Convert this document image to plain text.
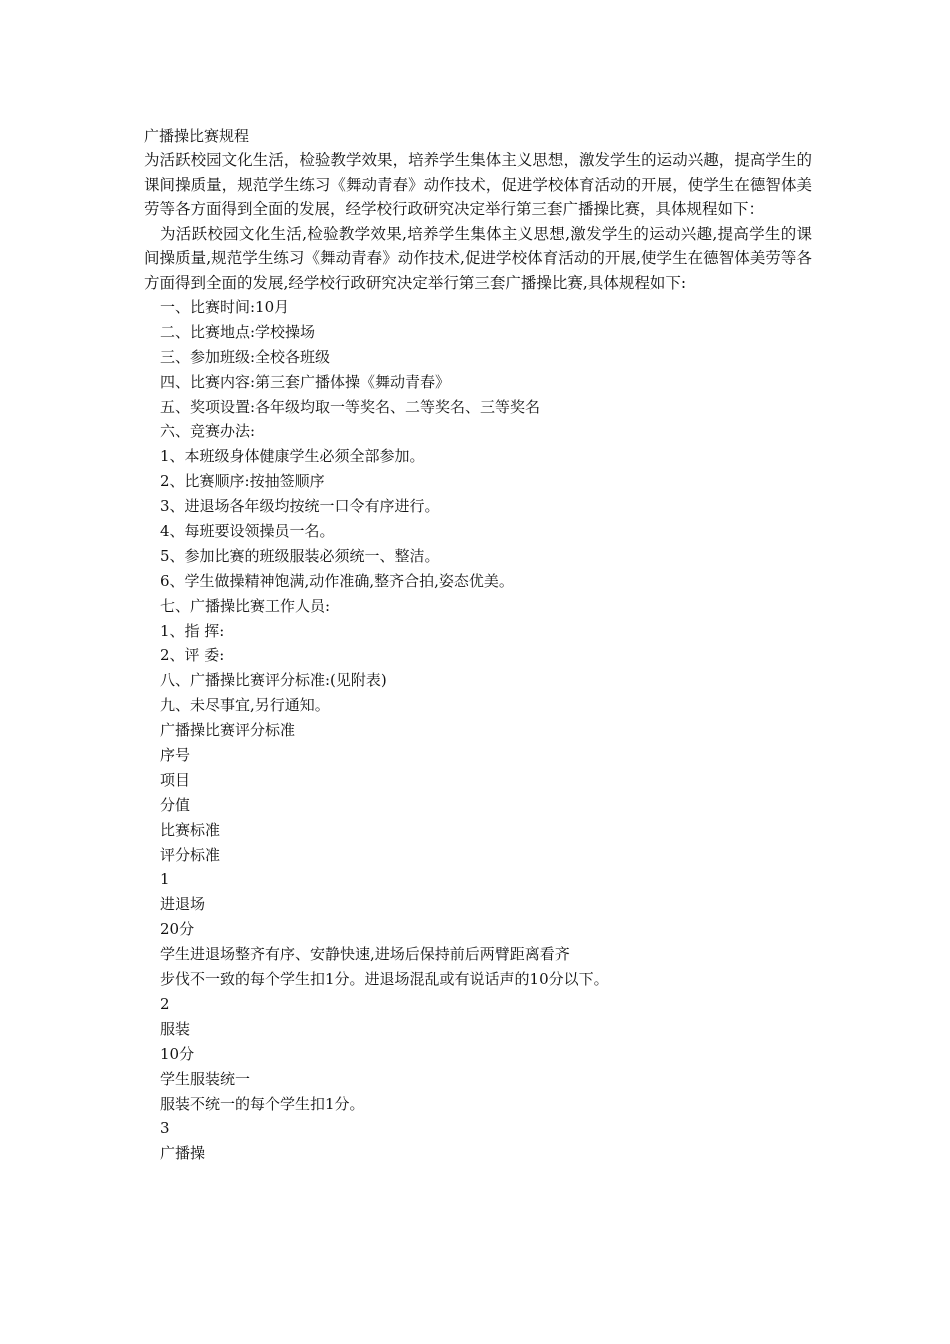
广播操比赛规程

为活跃校园文化生活，检验教学效果，培养学生集体主义思想，激发学生的运动兴趣，提高学生的课间操质量，规范学生练习《舞动青春》动作技术，促进学校体育活动的开展，使学生在德智体美劳等各方面得到全面的发展，经学校行政研究决定举行第三套广播操比赛，具体规程如下：

为活跃校园文化生活,检验教学效果,培养学生集体主义思想,激发学生的运动兴趣,提高学生的课间操质量,规范学生练习《舞动青春》动作技术,促进学校体育活动的开展,使学生在德智体美劳等各方面得到全面的发展,经学校行政研究决定举行第三套广播操比赛,具体规程如下:

一、比赛时间:10月
二、比赛地点:学校操场
三、参加班级:全校各班级
四、比赛内容:第三套广播体操《舞动青春》
五、奖项设置:各年级均取一等奖名、二等奖名、三等奖名
六、竞赛办法:
1、本班级身体健康学生必须全部参加。
2、比赛顺序:按抽签顺序
3、进退场各年级均按统一口令有序进行。
4、每班要设领操员一名。
5、参加比赛的班级服装必须统一、整洁。
6、学生做操精神饱满,动作准确,整齐合拍,姿态优美。
七、广播操比赛工作人员:
1、指 挥:
2、评 委:
八、广播操比赛评分标准:(见附表)
九、未尽事宜,另行通知。
广播操比赛评分标准
序号
项目
分值
比赛标准
评分标准
1
进退场
20分
学生进退场整齐有序、安静快速,进场后保持前后两臂距离看齐
步伐不一致的每个学生扣1分。进退场混乱或有说话声的10分以下。
2
服装
10分
学生服装统一
服装不统一的每个学生扣1分。
3
广播操
